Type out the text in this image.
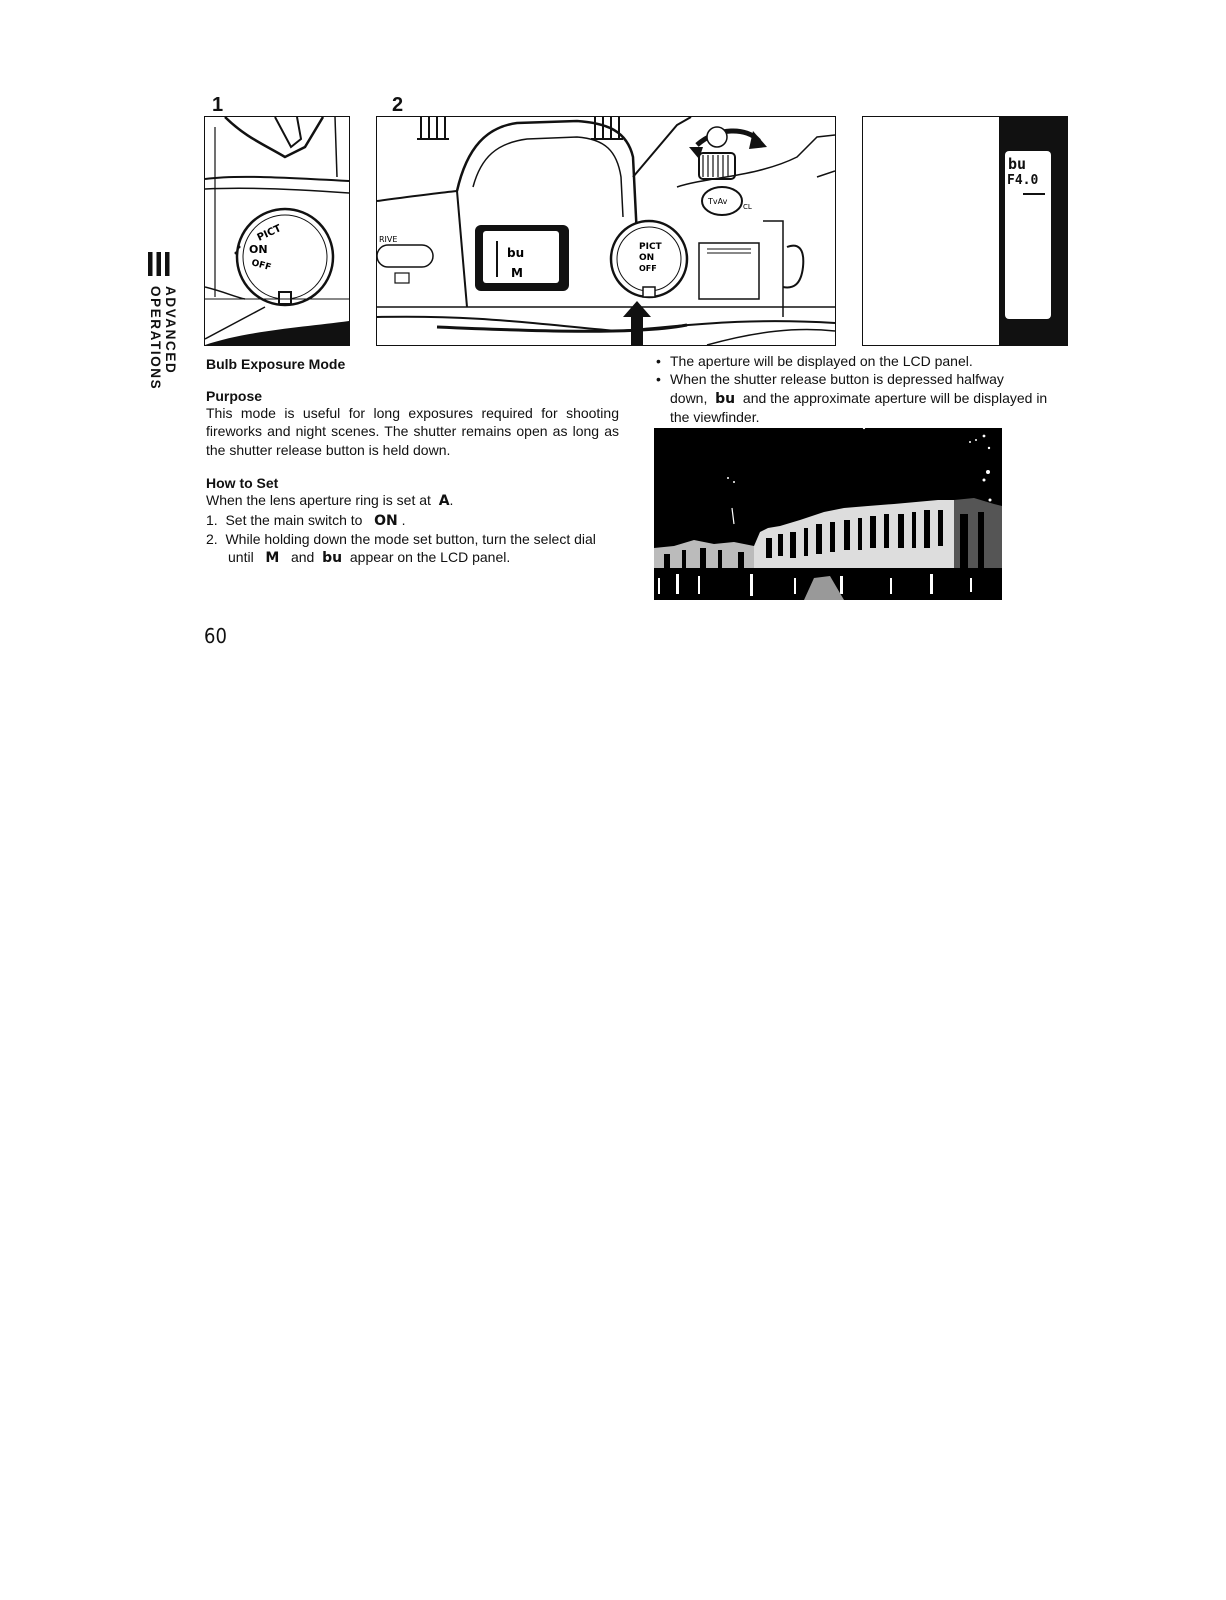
ADVANCED OPERATIONS
1	2
PICT
ON
OFF
bu
M
PICT
ON
OFF
RIVE
TvAv
CL
bu
F4.0
Bulb Exposure Mode
Purpose
This mode is useful for long exposures required for shooting fireworks and night scenes. The shutter remains open as long as the shutter release button is held down.
How to Set
When the lens aperture ring is set at A.
1. Set the main switch to ON .
2. While holding down the mode set button, turn the select dial until M and bu appear on the LCD panel.
• The aperture will be displayed on the LCD panel.
• When the shutter release button is depressed halfway down, bu and the approximate aperture will be displayed in the viewfinder.
60
